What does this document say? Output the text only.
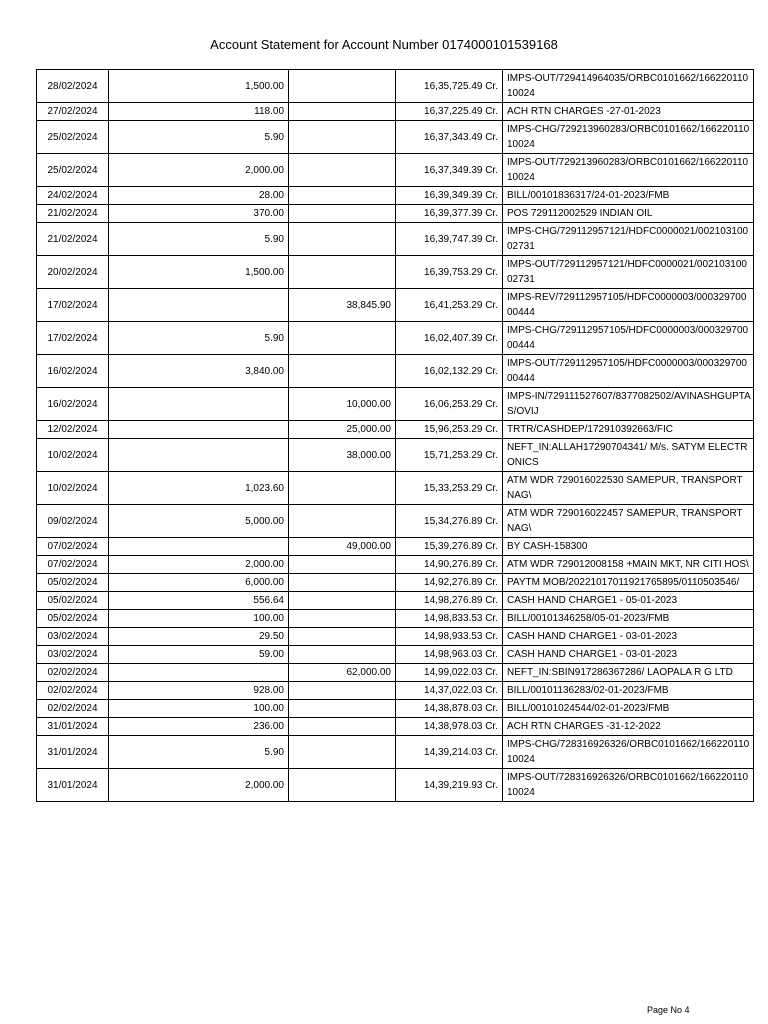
Account Statement for Account Number 0174000101539168
28/02/2024	1,500.00		16,35,725.49 Cr.	IMPS-OUT/729414964035/ORBC0101662/16622011010024
27/02/2024	118.00		16,37,225.49 Cr.	ACH RTN CHARGES -27-01-2023
25/02/2024	5.90		16,37,343.49 Cr.	IMPS-CHG/729213960283/ORBC0101662/16622011010024
25/02/2024	2,000.00		16,37,349.39 Cr.	IMPS-OUT/729213960283/ORBC0101662/16622011010024
24/02/2024	28.00		16,39,349.39 Cr.	BILL/00101836317/24-01-2023/FMB
21/02/2024	370.00		16,39,377.39 Cr.	POS 729112002529 INDIAN OIL
21/02/2024	5.90		16,39,747.39 Cr.	IMPS-CHG/729112957121/HDFC0000021/00210310002731
20/02/2024	1,500.00		16,39,753.29 Cr.	IMPS-OUT/729112957121/HDFC0000021/00210310002731
17/02/2024		38,845.90	16,41,253.29 Cr.	IMPS-REV/729112957105/HDFC0000003/00032970000444
17/02/2024	5.90		16,02,407.39 Cr.	IMPS-CHG/729112957105/HDFC0000003/00032970000444
16/02/2024	3,840.00		16,02,132.29 Cr.	IMPS-OUT/729112957105/HDFC0000003/00032970000444
16/02/2024		10,000.00	16,06,253.29 Cr.	IMPS-IN/729111527607/8377082502/AVINASHGUPTAS/OVIJ
12/02/2024		25,000.00	15,96,253.29 Cr.	TRTR/CASHDEP/172910392663/FIC
10/02/2024		38,000.00	15,71,253.29 Cr.	NEFT_IN:ALLAH17290704341/ M/s. SATYM ELECTRONICS
10/02/2024	1,023.60		15,33,253.29 Cr.	ATM WDR 729016022530 SAMEPUR, TRANSPORT NAG\
09/02/2024	5,000.00		15,34,276.89 Cr.	ATM WDR 729016022457 SAMEPUR, TRANSPORT NAG\
07/02/2024		49,000.00	15,39,276.89 Cr.	BY CASH-158300
07/02/2024	2,000.00		14,90,276.89 Cr.	ATM WDR 729012008158 +MAIN MKT, NR CITI HOS\
05/02/2024	6,000.00		14,92,276.89 Cr.	PAYTM MOB/20221017011921765895/0110503546/
05/02/2024	556.64		14,98,276.89 Cr.	CASH HAND CHARGE1 - 05-01-2023
05/02/2024	100.00		14,98,833.53 Cr.	BILL/00101346258/05-01-2023/FMB
03/02/2024	29.50		14,98,933.53 Cr.	CASH HAND CHARGE1 - 03-01-2023
03/02/2024	59.00		14,98,963.03 Cr.	CASH HAND CHARGE1 - 03-01-2023
02/02/2024		62,000.00	14,99,022.03 Cr.	NEFT_IN:SBIN917286367286/ LAOPALA R G LTD
02/02/2024	928.00		14,37,022.03 Cr.	BILL/00101136283/02-01-2023/FMB
02/02/2024	100.00		14,38,878.03 Cr.	BILL/00101024544/02-01-2023/FMB
31/01/2024	236.00		14,38,978.03 Cr.	ACH RTN CHARGES -31-12-2022
31/01/2024	5.90		14,39,214.03 Cr.	IMPS-CHG/728316926326/ORBC0101662/16622011010024
31/01/2024	2,000.00		14,39,219.93 Cr.	IMPS-OUT/728316926326/ORBC0101662/16622011010024
Page No 4
